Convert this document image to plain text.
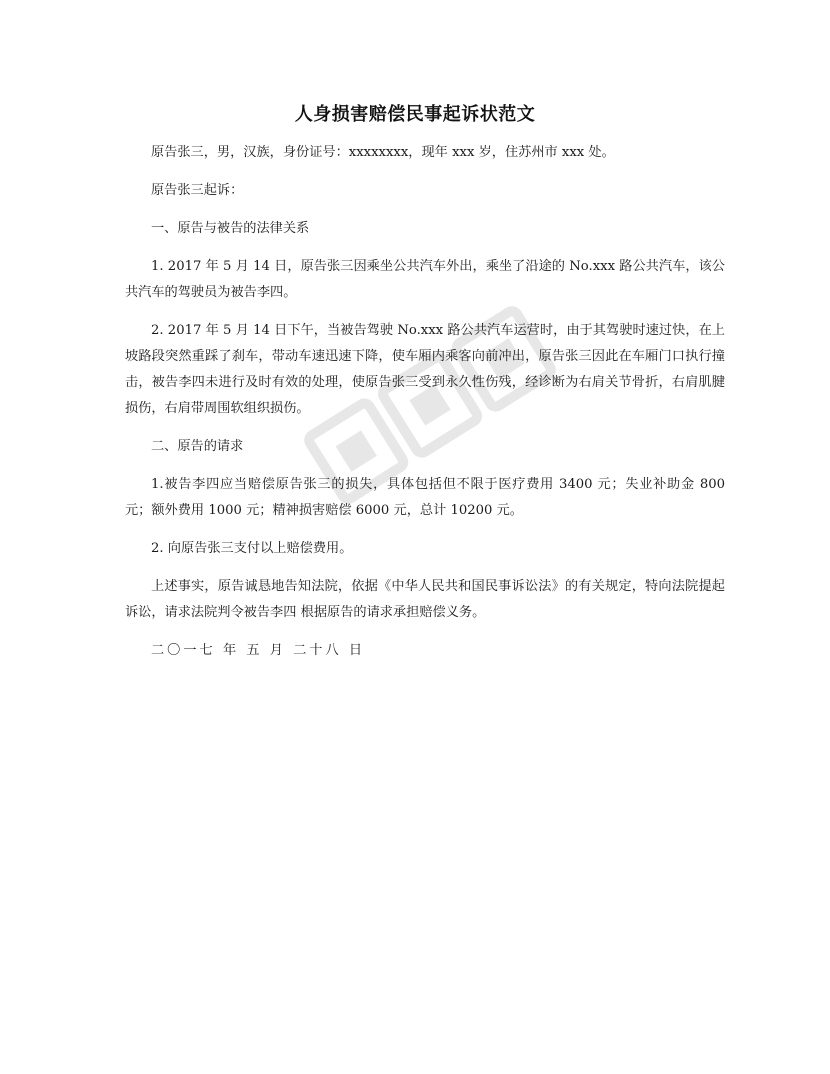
人身损害赔偿民事起诉状范文

原告张三，男，汉族，身份证号：xxxxxxxx，现年 xxx 岁，住苏州市 xxx 处。

原告张三起诉：

一、原告与被告的法律关系

1. 2017 年 5 月 14 日，原告张三因乘坐公共汽车外出，乘坐了沿途的 No.xxx 路公共汽车，该公共汽车的驾驶员为被告李四。

2. 2017 年 5 月 14 日下午，当被告驾驶 No.xxx 路公共汽车运营时，由于其驾驶时速过快，在上坡路段突然重踩了刹车，带动车速迅速下降，使车厢内乘客向前冲出，原告张三因此在车厢门口执行撞击，被告李四未进行及时有效的处理，使原告张三受到永久性伤残，经诊断为右肩关节骨折，右肩肌腱损伤，右肩带周围软组织损伤。

二、原告的请求

1.被告李四应当赔偿原告张三的损失，具体包括但不限于医疗费用 3400 元；失业补助金 800 元；额外费用 1000 元；精神损害赔偿 6000 元，总计 10200 元。

2. 向原告张三支付以上赔偿费用。

上述事实，原告诚恳地告知法院，依据《中华人民共和国民事诉讼法》的有关规定，特向法院提起诉讼，请求法院判令被告李四 根据原告的请求承担赔偿义务。

二〇一七 年 五 月 二十八 日
